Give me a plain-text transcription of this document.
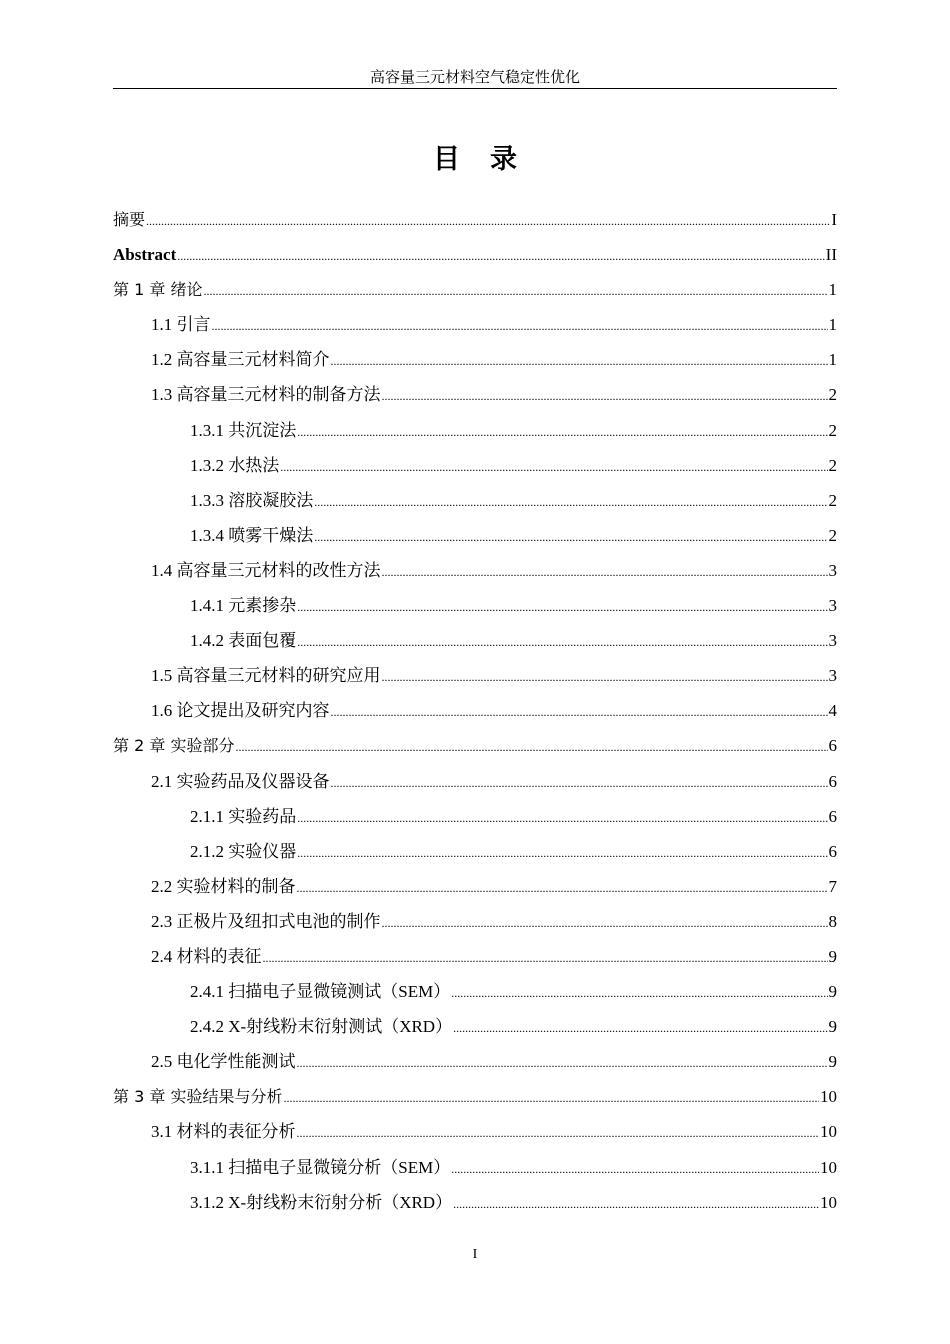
高容量三元材料空气稳定性优化
目录
摘要 .....	I
Abstract .....	II
第 1 章 绪论 .....	1
1.1 引言 .....	1
1.2 高容量三元材料简介 .....	1
1.3 高容量三元材料的制备方法 .....	2
1.3.1 共沉淀法 .....	2
1.3.2 水热法 .....	2
1.3.3 溶胶凝胶法 .....	2
1.3.4 喷雾干燥法 .....	2
1.4 高容量三元材料的改性方法 .....	3
1.4.1 元素掺杂 .....	3
1.4.2 表面包覆 .....	3
1.5 高容量三元材料的研究应用 .....	3
1.6 论文提出及研究内容 .....	4
第 2 章 实验部分 .....	6
2.1 实验药品及仪器设备 .....	6
2.1.1 实验药品 .....	6
2.1.2 实验仪器 .....	6
2.2 实验材料的制备 .....	7
2.3 正极片及纽扣式电池的制作 .....	8
2.4 材料的表征 .....	9
2.4.1 扫描电子显微镜测试（SEM） .....	9
2.4.2 X-射线粉末衍射测试（XRD） .....	9
2.5 电化学性能测试 .....	9
第 3 章 实验结果与分析 .....	10
3.1 材料的表征分析 .....	10
3.1.1 扫描电子显微镜分析（SEM） .....	10
3.1.2 X-射线粉末衍射分析（XRD） .....	10
I
